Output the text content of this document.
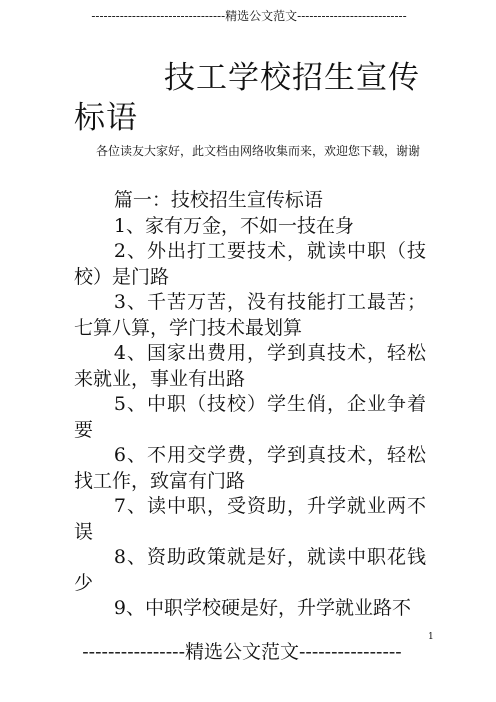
---------------------------------精选公文范文---------------------------
技工学校招生宣传
标语
各位读友大家好，此文档由网络收集而来，欢迎您下载，谢谢

篇一：技校招生宣传标语

1、家有万金，不如一技在身

2、外出打工要技术，就读中职（技校）是门路

3、千苦万苦，没有技能打工最苦；七算八算，学门技术最划算

4、国家出费用，学到真技术，轻松来就业，事业有出路

5、中职（技校）学生俏，企业争着要

6、不用交学费，学到真技术，轻松找工作，致富有门路

7、读中职，受资助，升学就业两不误

8、资助政策就是好，就读中职花钱少

9、中职学校硬是好，升学就业路不

1
----------------精选公文范文----------------
